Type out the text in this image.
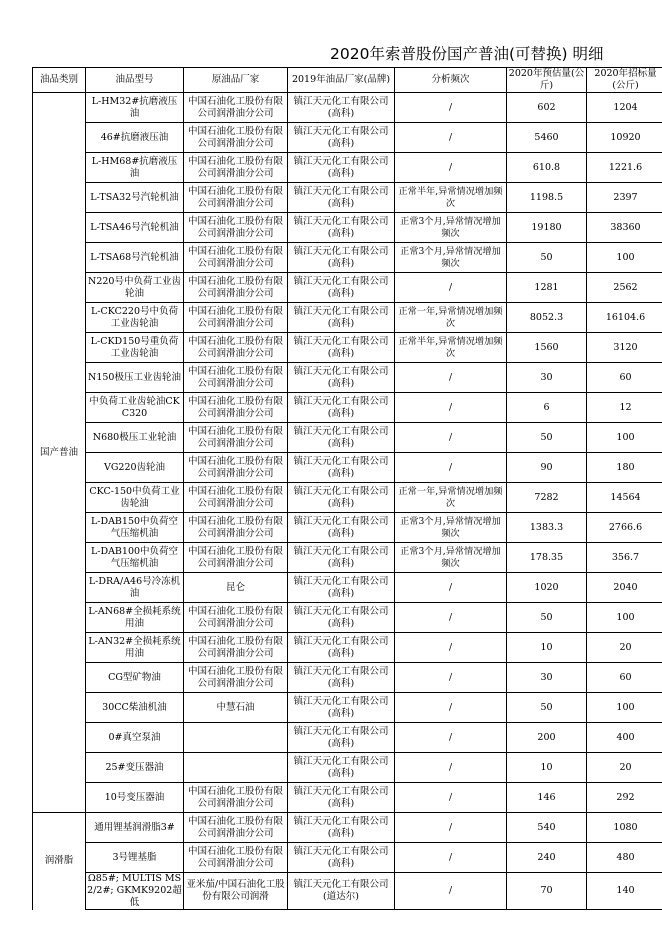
2020年索普股份国产普油(可替换) 明细
油品类别	油品型号	原油品厂家	2019年油品厂家(品牌)	分析频次	2020年预估量(公斤)	2020年招标量(公斤)
国产普油	L-HM32#抗磨液压油	中国石油化工股份有限公司润滑油分公司	镇江天元化工有限公司(高科)	/	602	1204
	46#抗磨液压油	中国石油化工股份有限公司润滑油分公司	镇江天元化工有限公司(高科)	/	5460	10920
	L-HM68#抗磨液压油	中国石油化工股份有限公司润滑油分公司	镇江天元化工有限公司(高科)	/	610.8	1221.6
	L-TSA32号汽轮机油	中国石油化工股份有限公司润滑油分公司	镇江天元化工有限公司(高科)	正常半年,异常情况增加频次	1198.5	2397
	L-TSA46号汽轮机油	中国石油化工股份有限公司润滑油分公司	镇江天元化工有限公司(高科)	正常3个月,异常情况增加频次	19180	38360
	L-TSA68号汽轮机油	中国石油化工股份有限公司润滑油分公司	镇江天元化工有限公司(高科)	正常3个月,异常情况增加频次	50	100
	N220号中负荷工业齿轮油	中国石油化工股份有限公司润滑油分公司	镇江天元化工有限公司(高科)	/	1281	2562
	L-CKC220号中负荷工业齿轮油	中国石油化工股份有限公司润滑油分公司	镇江天元化工有限公司(高科)	正常一年,异常情况增加频次	8052.3	16104.6
	L-CKD150号重负荷工业齿轮油	中国石油化工股份有限公司润滑油分公司	镇江天元化工有限公司(高科)	正常半年,异常情况增加频次	1560	3120
	N150极压工业齿轮油	中国石油化工股份有限公司润滑油分公司	镇江天元化工有限公司(高科)	/	30	60
	中负荷工业齿轮油CKC320	中国石油化工股份有限公司润滑油分公司	镇江天元化工有限公司(高科)	/	6	12
	N680极压工业轮油	中国石油化工股份有限公司润滑油分公司	镇江天元化工有限公司(高科)	/	50	100
	VG220齿轮油	中国石油化工股份有限公司润滑油分公司	镇江天元化工有限公司(高科)	/	90	180
	CKC-150中负荷工业齿轮油	中国石油化工股份有限公司润滑油分公司	镇江天元化工有限公司(高科)	正常一年,异常情况增加频次	7282	14564
	L-DAB150中负荷空气压缩机油	中国石油化工股份有限公司润滑油分公司	镇江天元化工有限公司(高科)	正常3个月,异常情况增加频次	1383.3	2766.6
	L-DAB100中负荷空气压缩机油	中国石油化工股份有限公司润滑油分公司	镇江天元化工有限公司(高科)	正常3个月,异常情况增加频次	178.35	356.7
	L-DRA/A46号冷冻机油	昆仑	镇江天元化工有限公司(高科)	/	1020	2040
	L-AN68#全损耗系统用油	中国石油化工股份有限公司润滑油分公司	镇江天元化工有限公司(高科)	/	50	100
	L-AN32#全损耗系统用油	中国石油化工股份有限公司润滑油分公司	镇江天元化工有限公司(高科)	/	10	20
	CG型矿物油	中国石油化工股份有限公司润滑油分公司	镇江天元化工有限公司(高科)	/	30	60
	30CC柴油机油	中慧石油	镇江天元化工有限公司(高科)	/	50	100
	0#真空泵油		镇江天元化工有限公司(高科)	/	200	400
	25#变压器油		镇江天元化工有限公司(高科)	/	10	20
	10号变压器油	中国石油化工股份有限公司润滑油分公司	镇江天元化工有限公司(高科)	/	146	292
润滑脂	通用锂基润滑脂3#	中国石油化工股份有限公司润滑油分公司	镇江天元化工有限公司(高科)	/	540	1080
	3号锂基脂	中国石油化工股份有限公司润滑油分公司	镇江天元化工有限公司(高科)	/	240	480
	Ω85#; MULTIS MS 2/2#; GKMK9202超低	亚米茄/中国石油化工股份有限公司润滑	镇江天元化工有限公司(道达尔)	/	70	140
